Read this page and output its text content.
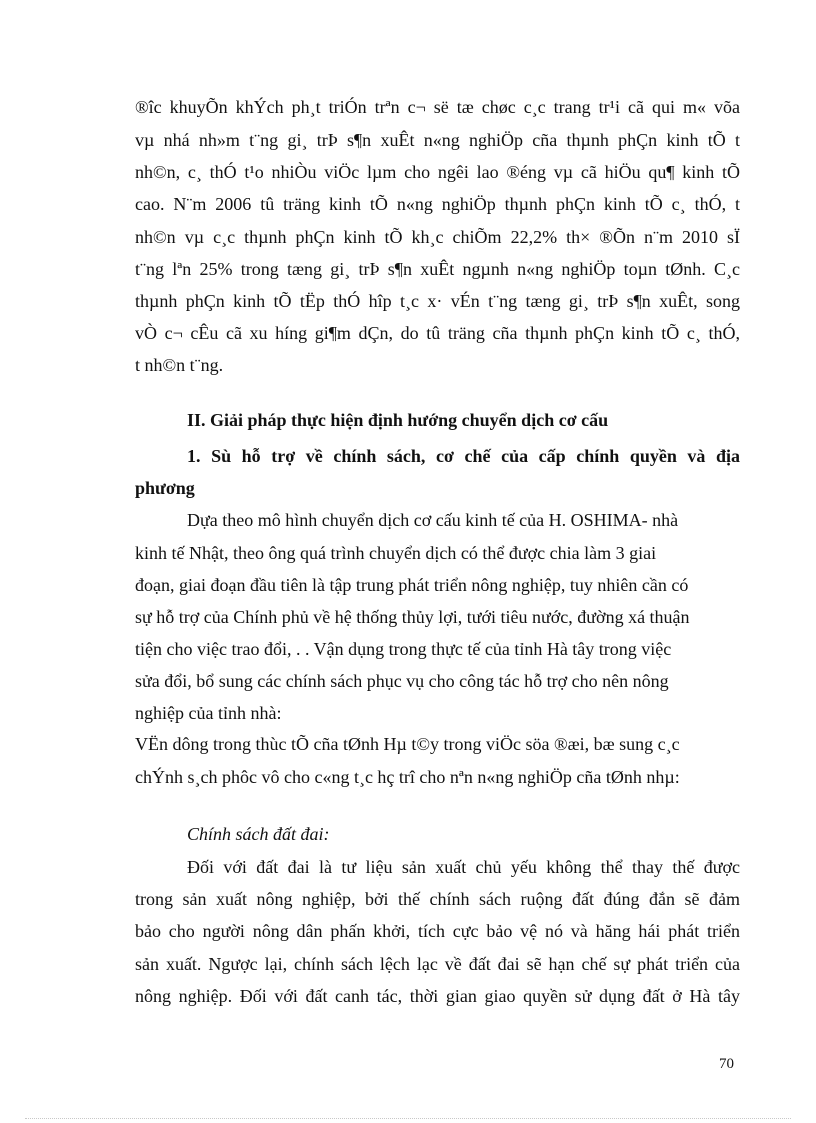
®îc khuyÕn khÝch ph¸t triÓn trªn c¬ së tæ chøc c¸c trang tr¹i cã qui m« võa
vµ nhá nh»m t¨ng gi¸ trÞ s¶n xuÊt n«ng nghiÖp cña thµnh phÇn kinh tÕ t
nh©n, c¸ thÓ t¹o nhiÒu viÖc lµm cho ngêi lao ®éng vµ cã hiÖu qu¶ kinh tÕ
cao. N¨m 2006 tû träng kinh tÕ n«ng nghiÖp thµnh phÇn kinh tÕ c¸ thÓ, t
nh©n vµ c¸c thµnh phÇn kinh tÕ kh¸c chiÕm 22,2% th× ®Õn n¨m 2010 sÏ
t¨ng lªn 25% trong tæng gi¸ trÞ s¶n xuÊt ngµnh n«ng nghiÖp toµn tØnh. C¸c
thµnh phÇn kinh tÕ tËp thÓ hîp t¸c x· vÉn t¨ng tæng gi¸ trÞ s¶n xuÊt, song
vÒ c¬ cÊu cã xu híng gi¶m dÇn, do tû träng cña thµnh phÇn kinh tÕ c¸ thÓ,
t nh©n t¨ng.
II. Giải pháp thực hiện định hướng chuyển dịch cơ cấu
1. Sù hỗ trợ về chính sách, cơ chế của cấp chính quyền và địa
phương
Dựa theo mô hình chuyển dịch cơ cấu kinh tế của H. OSHIMA- nhà
kinh tế Nhật, theo ông quá trình chuyển dịch có thể được chia làm 3 giai
đoạn, giai đoạn đầu tiên là tập trung phát triển nông nghiệp, tuy nhiên cần có
sự hỗ trợ của Chính phủ về hệ thống thủy lợi, tưới tiêu nước, đường xá thuận
tiện cho việc trao đổi, . . Vận dụng trong thực tế của tỉnh Hà tây trong việc
sửa đổi, bổ sung các chính sách phục vụ cho công tác hỗ trợ cho nên nông
nghiệp của tỉnh nhà:
VËn dông trong thùc tÕ cña tØnh Hµ t©y trong viÖc söa ®æi, bæ sung c¸c
chÝnh s¸ch phôc vô cho c«ng t¸c hç trî cho nªn n«ng nghiÖp cña tØnh nhµ:
Chính sách đất đai:
Đối với đất đai là tư liệu sản xuất chủ yếu không thể thay thế được
trong sản xuất nông nghiệp, bởi thế chính sách ruộng đất đúng đắn sẽ đảm
bảo cho người nông dân phấn khởi, tích cực bảo vệ nó và hăng hái phát triển
sản xuất. Ngược lại, chính sách lệch lạc về đất đai sẽ hạn chế sự phát triển của
nông nghiệp. Đối với đất canh tác, thời gian giao quyền sử dụng đất ở Hà tây
70
